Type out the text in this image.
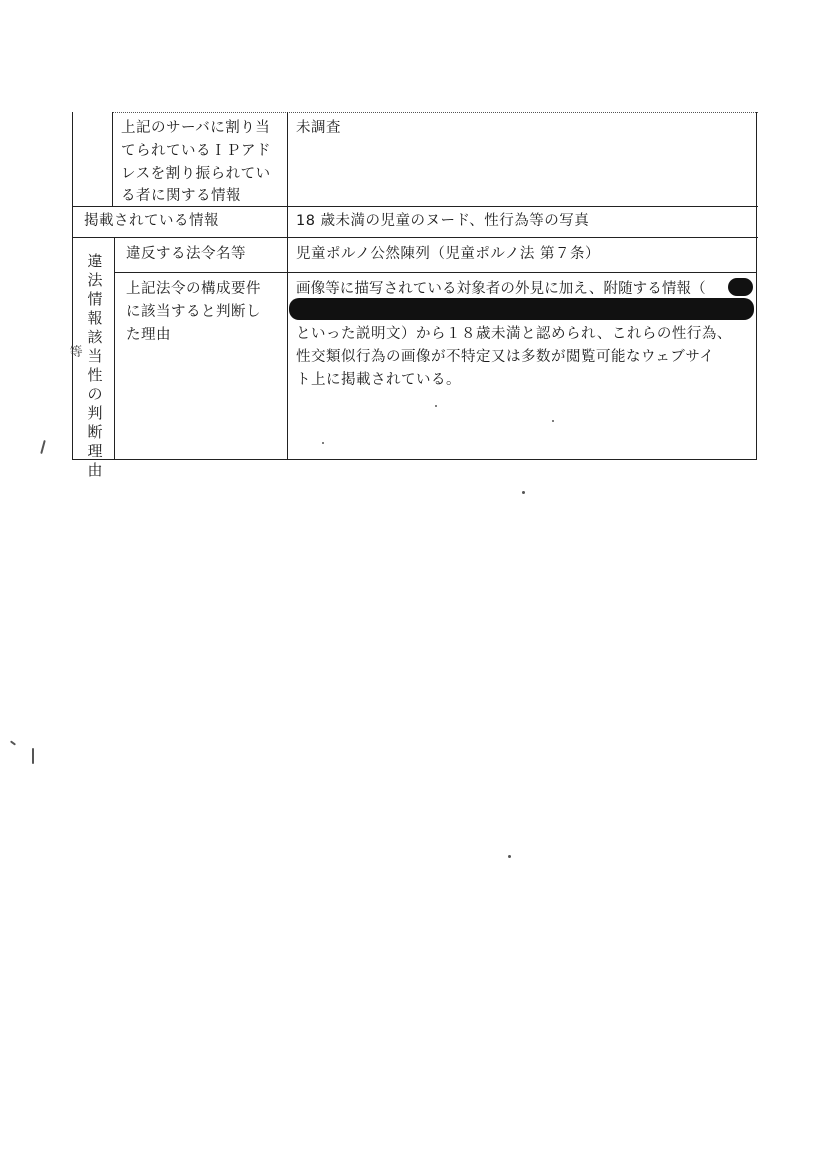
上記のサーバに割り当
てられているＩＰアド
レスを割り振られてい
る者に関する情報
未調査
掲載されている情報	18 歳未満の児童のヌード、性行為等の写真
違
法
情
報
該
当
性
の
判
断
理
由
等
違反する法令名等	児童ポルノ公然陳列（児童ポルノ法 第７条）
上記法令の構成要件
に該当すると判断し
た理由
画像等に描写されている対象者の外見に加え、附随する情報（
といった説明文）から１８歳未満と認められ、これらの性行為、
性交類似行為の画像が不特定又は多数が閲覧可能なウェブサイ
ト上に掲載されている。
